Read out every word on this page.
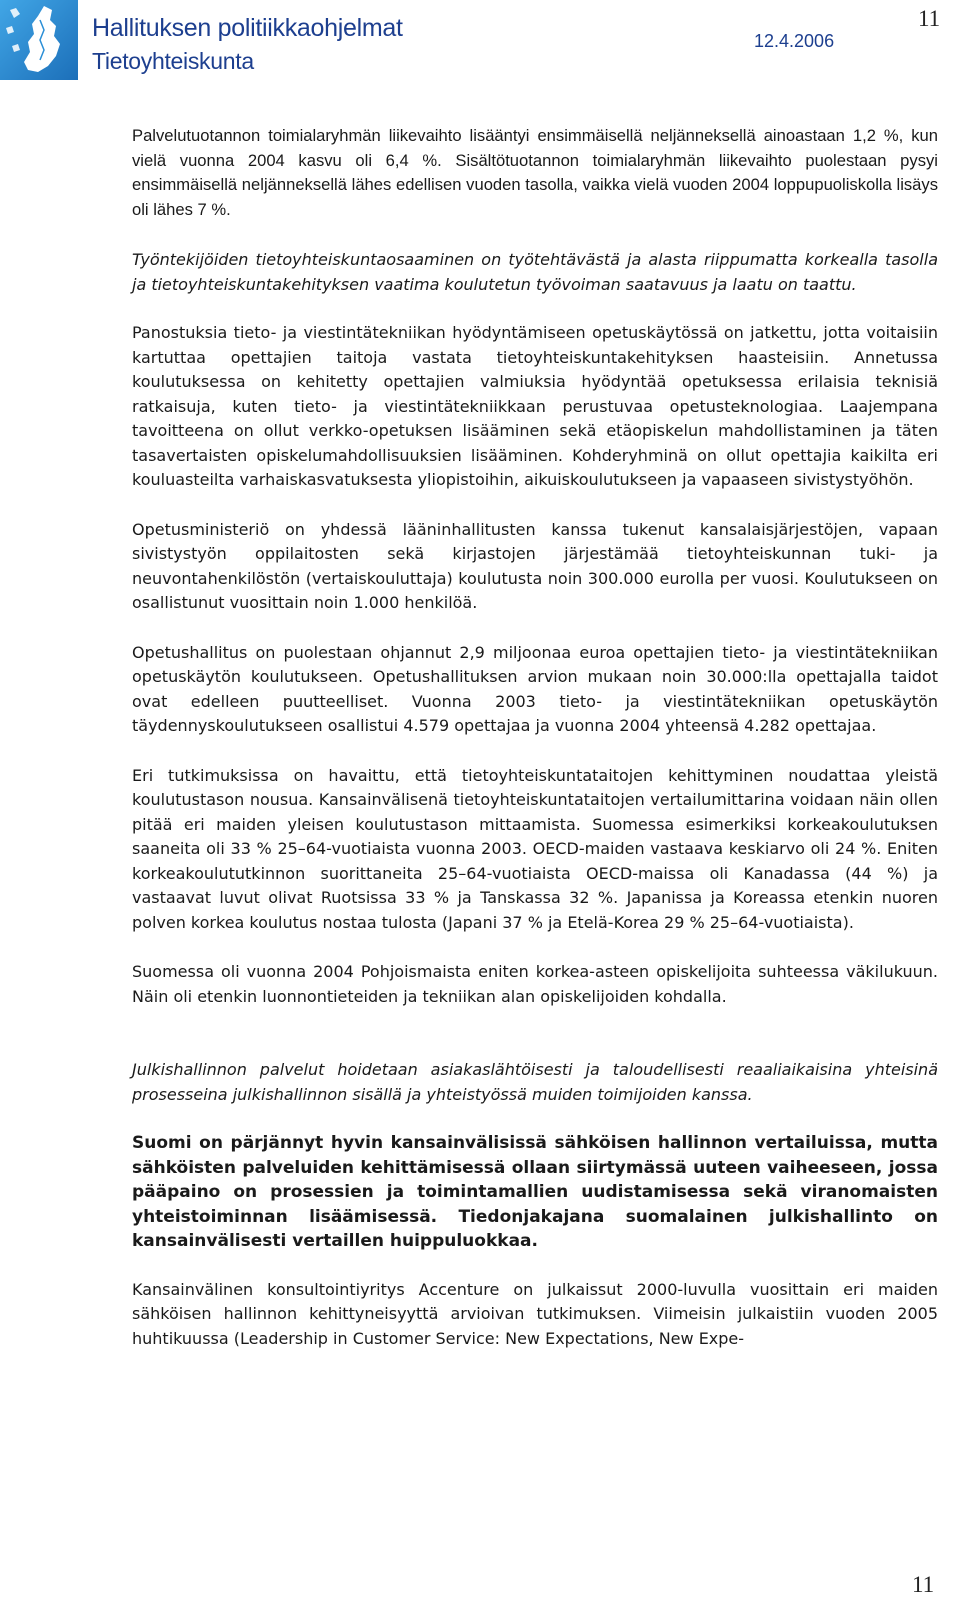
Hallituksen politiikkaohjelmat
Tietoyhteiskunta
12.4.2006
11

Palvelutuotannon toimialaryhmän liikevaihto lisääntyi ensimmäisellä neljänneksellä ainoastaan 1,2 %, kun vielä vuonna 2004 kasvu oli 6,4 %. Sisältötuotannon toimialaryhmän liikevaihto puolestaan pysyi ensimmäisellä neljänneksellä lähes edellisen vuoden tasolla, vaikka vielä vuoden 2004 loppupuoliskolla lisäys oli lähes 7 %.

Työntekijöiden tietoyhteiskuntaosaaminen on työtehtävästä ja alasta riippumatta korkealla tasolla ja tietoyhteiskuntakehityksen vaatima koulutetun työvoiman saatavuus ja laatu on taattu.

Panostuksia tieto- ja viestintätekniikan hyödyntämiseen opetuskäytössä on jatkettu, jotta voitaisiin kartuttaa opettajien taitoja vastata tietoyhteiskuntakehityksen haasteisiin. Annetussa koulutuksessa on kehitetty opettajien valmiuksia hyödyntää opetuksessa erilaisia teknisiä ratkaisuja, kuten tieto- ja viestintätekniikkaan perustuvaa opetusteknologiaa. Laajempana tavoitteena on ollut verkko-opetuksen lisääminen sekä etäopiskelun mahdollistaminen ja täten tasavertaisten opiskelumahdollisuuksien lisääminen. Kohderyhminä on ollut opettajia kaikilta eri kouluasteilta varhaiskasvatuksesta yliopistoihin, aikuiskoulutukseen ja vapaaseen sivistystyöhön.

Opetusministeriö on yhdessä lääninhallitusten kanssa tukenut kansalaisjärjestöjen, vapaan sivistystyön oppilaitosten sekä kirjastojen järjestämää tietoyhteiskunnan tuki- ja neuvontahenkilöstön (vertaiskouluttaja) koulutusta noin 300.000 eurolla per vuosi. Koulutukseen on osallistunut vuosittain noin 1.000 henkilöä.

Opetushallitus on puolestaan ohjannut 2,9 miljoonaa euroa opettajien tieto- ja viestintätekniikan opetuskäytön koulutukseen. Opetushallituksen arvion mukaan noin 30.000:lla opettajalla taidot ovat edelleen puutteelliset. Vuonna 2003 tieto- ja viestintätekniikan opetuskäytön täydennyskoulutukseen osallistui 4.579 opettajaa ja vuonna 2004 yhteensä 4.282 opettajaa.

Eri tutkimuksissa on havaittu, että tietoyhteiskuntataitojen kehittyminen noudattaa yleistä koulutustason nousua. Kansainvälisenä tietoyhteiskuntataitojen vertailumittarina voidaan näin ollen pitää eri maiden yleisen koulutustason mittaamista. Suomessa esimerkiksi korkeakoulutuksen saaneita oli 33 % 25–64-vuotiaista vuonna 2003. OECD-maiden vastaava keskiarvo oli 24 %. Eniten korkeakoulututkinnon suorittaneita 25–64-vuotiaista OECD-maissa oli Kanadassa (44 %) ja vastaavat luvut olivat Ruotsissa 33 % ja Tanskassa 32 %. Japanissa ja Koreassa etenkin nuoren polven korkea koulutus nostaa tulosta (Japani 37 % ja Etelä-Korea 29 % 25–64-vuotiaista).

Suomessa oli vuonna 2004 Pohjoismaista eniten korkea-asteen opiskelijoita suhteessa väkilukuun. Näin oli etenkin luonnontieteiden ja tekniikan alan opiskelijoiden kohdalla.

Julkishallinnon palvelut hoidetaan asiakaslähtöisesti ja taloudellisesti reaaliaikaisina yhteisinä prosesseina julkishallinnon sisällä ja yhteistyössä muiden toimijoiden kanssa.

Suomi on pärjännyt hyvin kansainvälisissä sähköisen hallinnon vertailuissa, mutta sähköisten palveluiden kehittämisessä ollaan siirtymässä uuteen vaiheeseen, jossa pääpaino on prosessien ja toimintamallien uudistamisessa sekä viranomaisten yhteistoiminnan lisäämisessä. Tiedonjakajana suomalainen julkishallinto on kansainvälisesti vertaillen huippuluokkaa.

Kansainvälinen konsultointiyritys Accenture on julkaissut 2000-luvulla vuosittain eri maiden sähköisen hallinnon kehittyneisyyttä arvioivan tutkimuksen. Viimeisin julkaistiin vuoden 2005 huhtikuussa (Leadership in Customer Service: New Expectations, New Expe-

11
